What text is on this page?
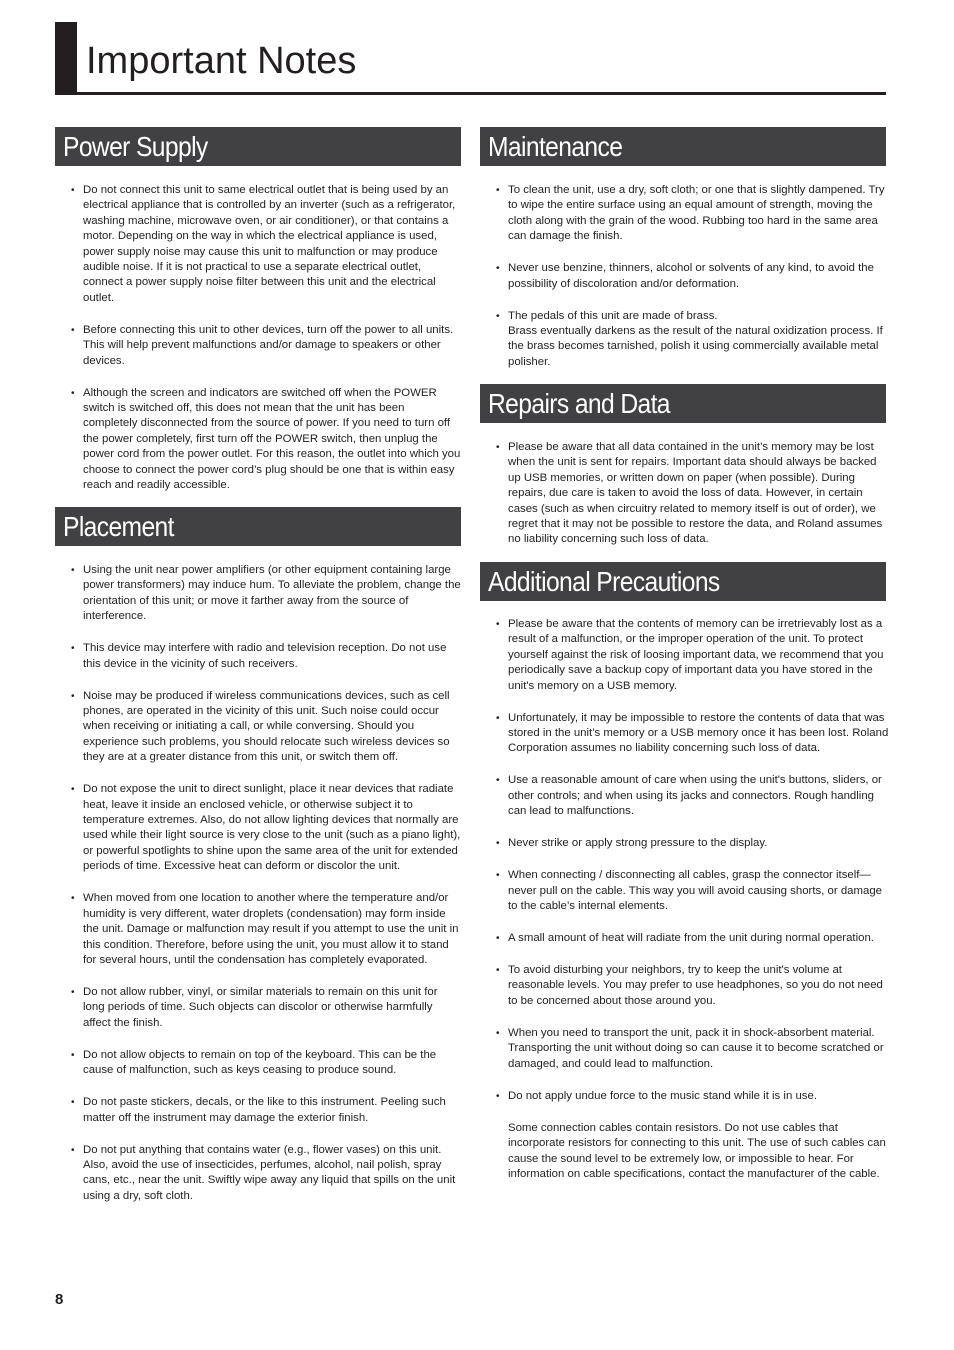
Important Notes
Power Supply
• Do not connect this unit to same electrical outlet that is being used by an electrical appliance that is controlled by an inverter (such as a refrigerator, washing machine, microwave oven, or air conditioner), or that contains a motor. Depending on the way in which the electrical appliance is used, power supply noise may cause this unit to malfunction or may produce audible noise. If it is not practical to use a separate electrical outlet, connect a power supply noise filter between this unit and the electrical outlet.
• Before connecting this unit to other devices, turn off the power to all units. This will help prevent malfunctions and/or damage to speakers or other devices.
• Although the screen and indicators are switched off when the POWER switch is switched off, this does not mean that the unit has been completely disconnected from the source of power. If you need to turn off the power completely, first turn off the POWER switch, then unplug the power cord from the power outlet. For this reason, the outlet into which you choose to connect the power cord’s plug should be one that is within easy reach and readily accessible.
Placement
• Using the unit near power amplifiers (or other equipment containing large power transformers) may induce hum. To alleviate the problem, change the orientation of this unit; or move it farther away from the source of interference.
• This device may interfere with radio and television reception. Do not use this device in the vicinity of such receivers.
• Noise may be produced if wireless communications devices, such as cell phones, are operated in the vicinity of this unit. Such noise could occur when receiving or initiating a call, or while conversing. Should you experience such problems, you should relocate such wireless devices so they are at a greater distance from this unit, or switch them off.
• Do not expose the unit to direct sunlight, place it near devices that radiate heat, leave it inside an enclosed vehicle, or otherwise subject it to temperature extremes. Also, do not allow lighting devices that normally are used while their light source is very close to the unit (such as a piano light), or powerful spotlights to shine upon the same area of the unit for extended periods of time. Excessive heat can deform or discolor the unit.
• When moved from one location to another where the temperature and/or humidity is very different, water droplets (condensation) may form inside the unit. Damage or malfunction may result if you attempt to use the unit in this condition. Therefore, before using the unit, you must allow it to stand for several hours, until the condensation has completely evaporated.
• Do not allow rubber, vinyl, or similar materials to remain on this unit for long periods of time. Such objects can discolor or otherwise harmfully affect the finish.
• Do not allow objects to remain on top of the keyboard. This can be the cause of malfunction, such as keys ceasing to produce sound.
• Do not paste stickers, decals, or the like to this instrument. Peeling such matter off the instrument may damage the exterior finish.
• Do not put anything that contains water (e.g., flower vases) on this unit. Also, avoid the use of insecticides, perfumes, alcohol, nail polish, spray cans, etc., near the unit. Swiftly wipe away any liquid that spills on the unit using a dry, soft cloth.
Maintenance
• To clean the unit, use a dry, soft cloth; or one that is slightly dampened. Try to wipe the entire surface using an equal amount of strength, moving the cloth along with the grain of the wood. Rubbing too hard in the same area can damage the finish.
• Never use benzine, thinners, alcohol or solvents of any kind, to avoid the possibility of discoloration and/or deformation.
• The pedals of this unit are made of brass.
Brass eventually darkens as the result of the natural oxidization process. If the brass becomes tarnished, polish it using commercially available metal polisher.
Repairs and Data
• Please be aware that all data contained in the unit’s memory may be lost when the unit is sent for repairs. Important data should always be backed up USB memories, or written down on paper (when possible). During repairs, due care is taken to avoid the loss of data. However, in certain cases (such as when circuitry related to memory itself is out of order), we regret that it may not be possible to restore the data, and Roland assumes no liability concerning such loss of data.
Additional Precautions
• Please be aware that the contents of memory can be irretrievably lost as a result of a malfunction, or the improper operation of the unit. To protect yourself against the risk of loosing important data, we recommend that you periodically save a backup copy of important data you have stored in the unit's memory on a USB memory.
• Unfortunately, it may be impossible to restore the contents of data that was stored in the unit’s memory or a USB memory once it has been lost. Roland Corporation assumes no liability concerning such loss of data.
• Use a reasonable amount of care when using the unit's buttons, sliders, or other controls; and when using its jacks and connectors. Rough handling can lead to malfunctions.
• Never strike or apply strong pressure to the display.
• When connecting / disconnecting all cables, grasp the connector itself—never pull on the cable. This way you will avoid causing shorts, or damage to the cable’s internal elements.
• A small amount of heat will radiate from the unit during normal operation.
• To avoid disturbing your neighbors, try to keep the unit's volume at reasonable levels. You may prefer to use headphones, so you do not need to be concerned about those around you.
• When you need to transport the unit, pack it in shock-absorbent material. Transporting the unit without doing so can cause it to become scratched or damaged, and could lead to malfunction.
• Do not apply undue force to the music stand while it is in use.
Some connection cables contain resistors. Do not use cables that incorporate resistors for connecting to this unit. The use of such cables can cause the sound level to be extremely low, or impossible to hear. For information on cable specifications, contact the manufacturer of the cable.
8
